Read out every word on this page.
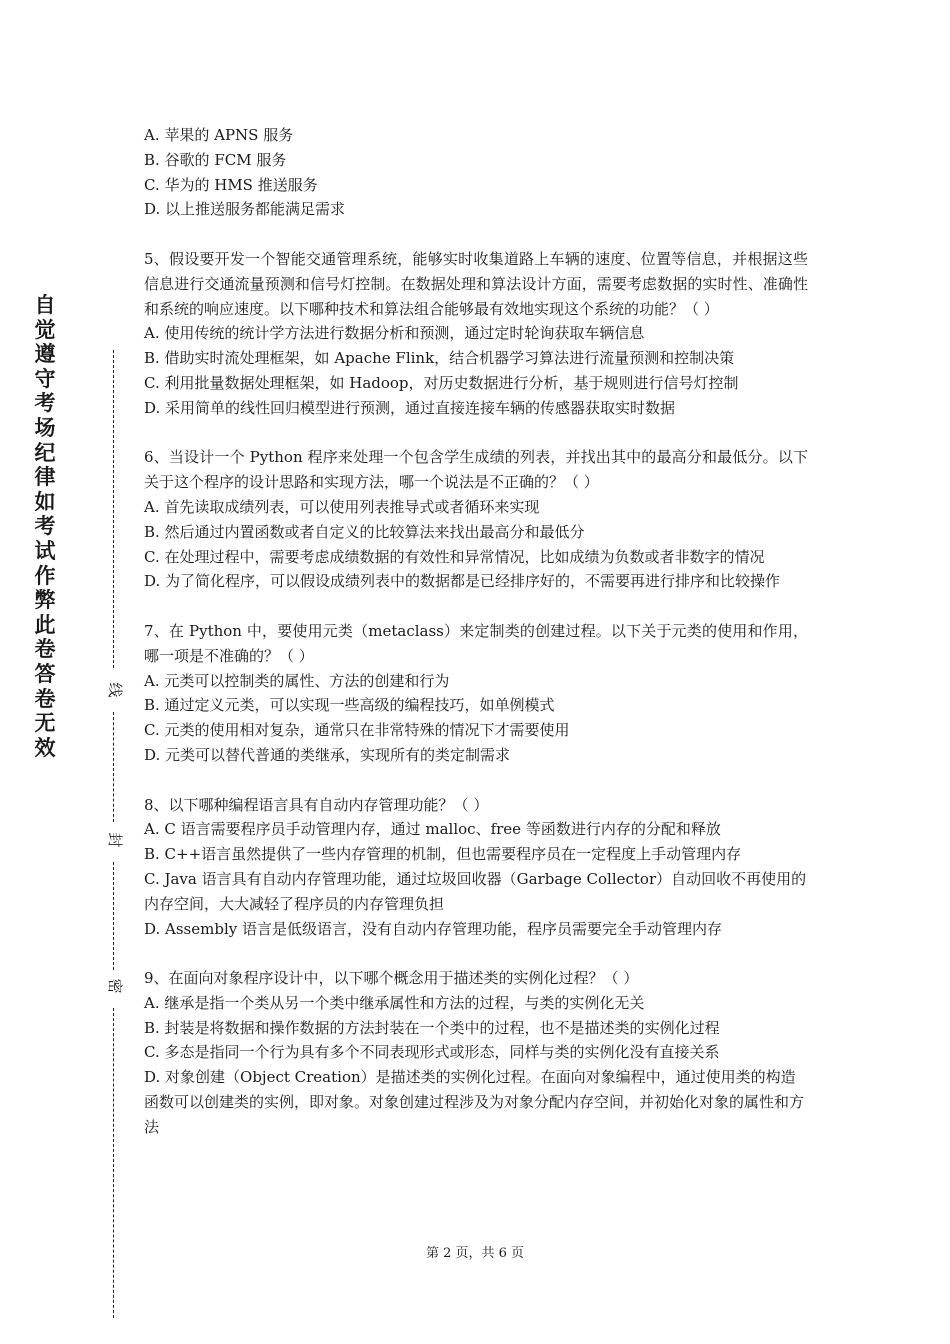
自觉遵守考场纪律如考试作弊此卷答卷无效
线
封
密

A. 苹果的 APNS 服务

B. 谷歌的 FCM 服务

C. 华为的 HMS 推送服务

D. 以上推送服务都能满足需求

5、假设要开发一个智能交通管理系统，能够实时收集道路上车辆的速度、位置等信息，并根据这些信息进行交通流量预测和信号灯控制。在数据处理和算法设计方面，需要考虑数据的实时性、准确性和系统的响应速度。以下哪种技术和算法组合能够最有效地实现这个系统的功能？（ ）

A. 使用传统的统计学方法进行数据分析和预测，通过定时轮询获取车辆信息

B. 借助实时流处理框架，如 Apache Flink，结合机器学习算法进行流量预测和控制决策

C. 利用批量数据处理框架，如 Hadoop，对历史数据进行分析，基于规则进行信号灯控制

D. 采用简单的线性回归模型进行预测，通过直接连接车辆的传感器获取实时数据

6、当设计一个 Python 程序来处理一个包含学生成绩的列表，并找出其中的最高分和最低分。以下关于这个程序的设计思路和实现方法，哪一个说法是不正确的？（ ）

A. 首先读取成绩列表，可以使用列表推导式或者循环来实现

B. 然后通过内置函数或者自定义的比较算法来找出最高分和最低分

C. 在处理过程中，需要考虑成绩数据的有效性和异常情况，比如成绩为负数或者非数字的情况

D. 为了简化程序，可以假设成绩列表中的数据都是已经排序好的，不需要再进行排序和比较操作

7、在 Python 中，要使用元类（metaclass）来定制类的创建过程。以下关于元类的使用和作用，哪一项是不准确的？（ ）

A. 元类可以控制类的属性、方法的创建和行为

B. 通过定义元类，可以实现一些高级的编程技巧，如单例模式

C. 元类的使用相对复杂，通常只在非常特殊的情况下才需要使用

D. 元类可以替代普通的类继承，实现所有的类定制需求

8、以下哪种编程语言具有自动内存管理功能？（ ）

A. C 语言需要程序员手动管理内存，通过 malloc、free 等函数进行内存的分配和释放

B. C++语言虽然提供了一些内存管理的机制，但也需要程序员在一定程度上手动管理内存

C. Java 语言具有自动内存管理功能，通过垃圾回收器（Garbage Collector）自动回收不再使用的内存空间，大大减轻了程序员的内存管理负担

D. Assembly 语言是低级语言，没有自动内存管理功能，程序员需要完全手动管理内存

9、在面向对象程序设计中，以下哪个概念用于描述类的实例化过程？（ ）

A. 继承是指一个类从另一个类中继承属性和方法的过程，与类的实例化无关

B. 封装是将数据和操作数据的方法封装在一个类中的过程，也不是描述类的实例化过程

C. 多态是指同一个行为具有多个不同表现形式或形态，同样与类的实例化没有直接关系

D. 对象创建（Object Creation）是描述类的实例化过程。在面向对象编程中，通过使用类的构造函数可以创建类的实例，即对象。对象创建过程涉及为对象分配内存空间，并初始化对象的属性和方法

第 2 页，共 6 页
